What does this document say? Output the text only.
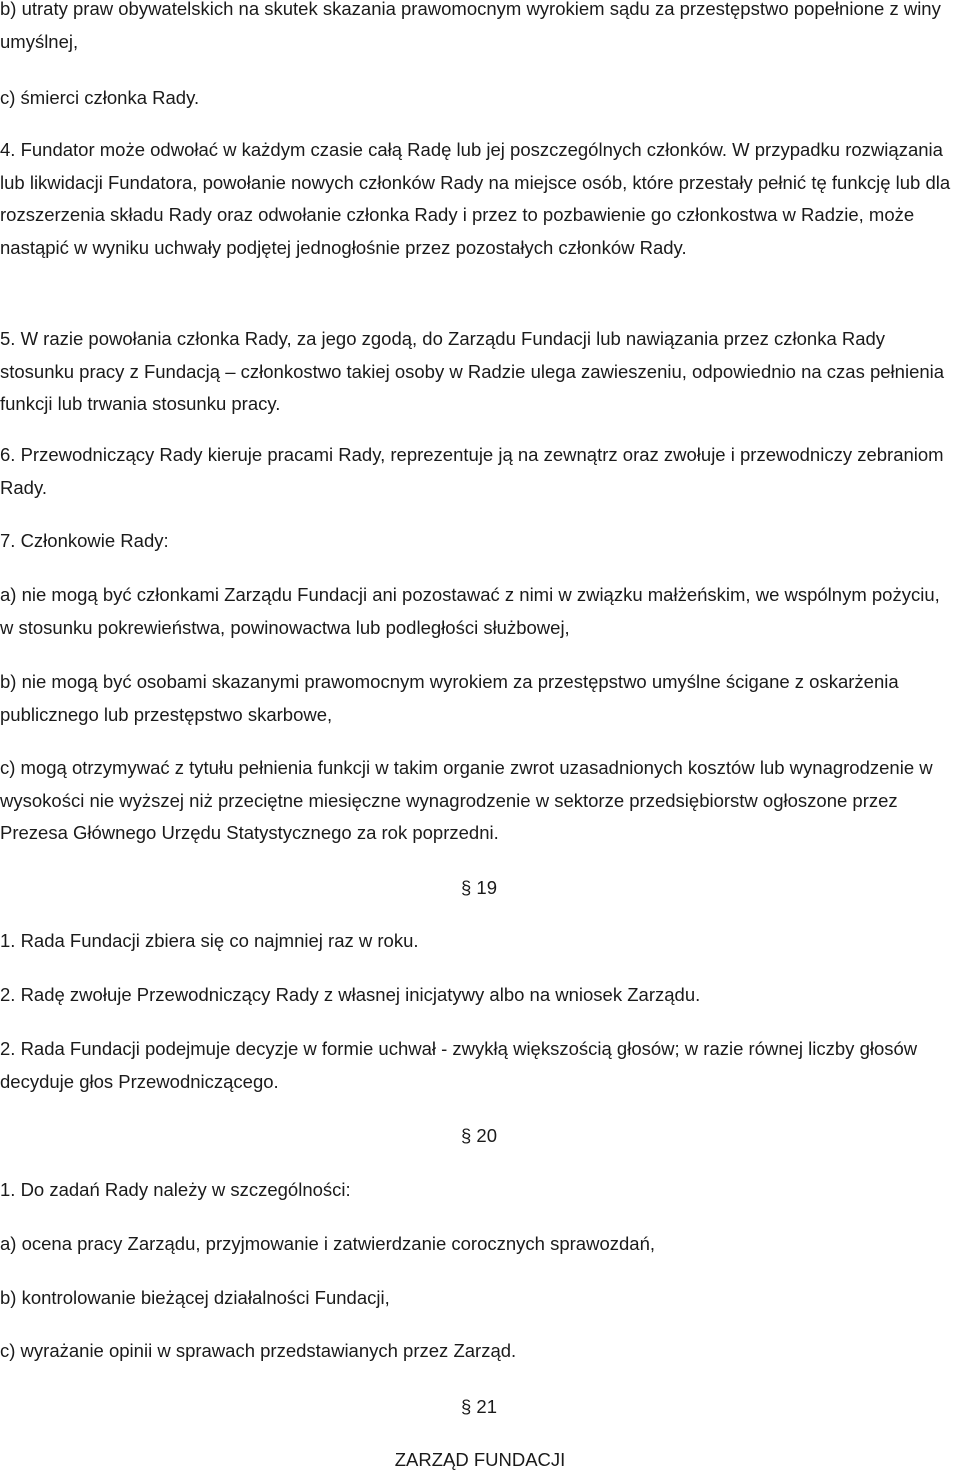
b) utraty praw obywatelskich na skutek skazania prawomocnym wyrokiem sądu za przestępstwo popełnione z winy umyślnej,

c) śmierci członka Rady.

4. Fundator może odwołać w każdym czasie całą Radę lub jej poszczególnych członków. W przypadku rozwiązania lub likwidacji Fundatora, powołanie nowych członków Rady na miejsce osób, które przestały pełnić tę funkcję lub dla rozszerzenia składu Rady oraz odwołanie członka Rady i przez to pozbawienie go członkostwa w Radzie, może nastąpić w wyniku uchwały podjętej jednogłośnie przez pozostałych członków Rady.

5. W razie powołania członka Rady, za jego zgodą, do Zarządu Fundacji lub nawiązania przez członka Rady stosunku pracy z Fundacją – członkostwo takiej osoby w Radzie ulega zawieszeniu, odpowiednio na czas pełnienia funkcji lub trwania stosunku pracy.

6. Przewodniczący Rady kieruje pracami Rady, reprezentuje ją na zewnątrz oraz zwołuje i przewodniczy zebraniom Rady.

7. Członkowie Rady:

a) nie mogą być członkami Zarządu Fundacji ani pozostawać z nimi w związku małżeńskim, we wspólnym pożyciu, w stosunku pokrewieństwa, powinowactwa lub podległości służbowej,

b) nie mogą być osobami skazanymi prawomocnym wyrokiem za przestępstwo umyślne ścigane z oskarżenia publicznego lub przestępstwo skarbowe,

c) mogą otrzymywać z tytułu pełnienia funkcji w takim organie zwrot uzasadnionych kosztów lub wynagrodzenie w wysokości nie wyższej niż przeciętne miesięczne wynagrodzenie w sektorze przedsiębiorstw ogłoszone przez Prezesa Głównego Urzędu Statystycznego za rok poprzedni.

§ 19

1. Rada Fundacji zbiera się co najmniej raz w roku.

2. Radę zwołuje Przewodniczący Rady z własnej inicjatywy albo na wniosek Zarządu.

2. Rada Fundacji podejmuje decyzje w formie uchwał - zwykłą większością głosów; w razie równej liczby głosów decyduje głos Przewodniczącego.

§ 20

1. Do zadań Rady należy w szczególności:

a) ocena pracy Zarządu, przyjmowanie i zatwierdzanie corocznych sprawozdań,

b) kontrolowanie bieżącej działalności Fundacji,

c) wyrażanie opinii w sprawach przedstawianych przez Zarząd.

§ 21

ZARZĄD FUNDACJI
